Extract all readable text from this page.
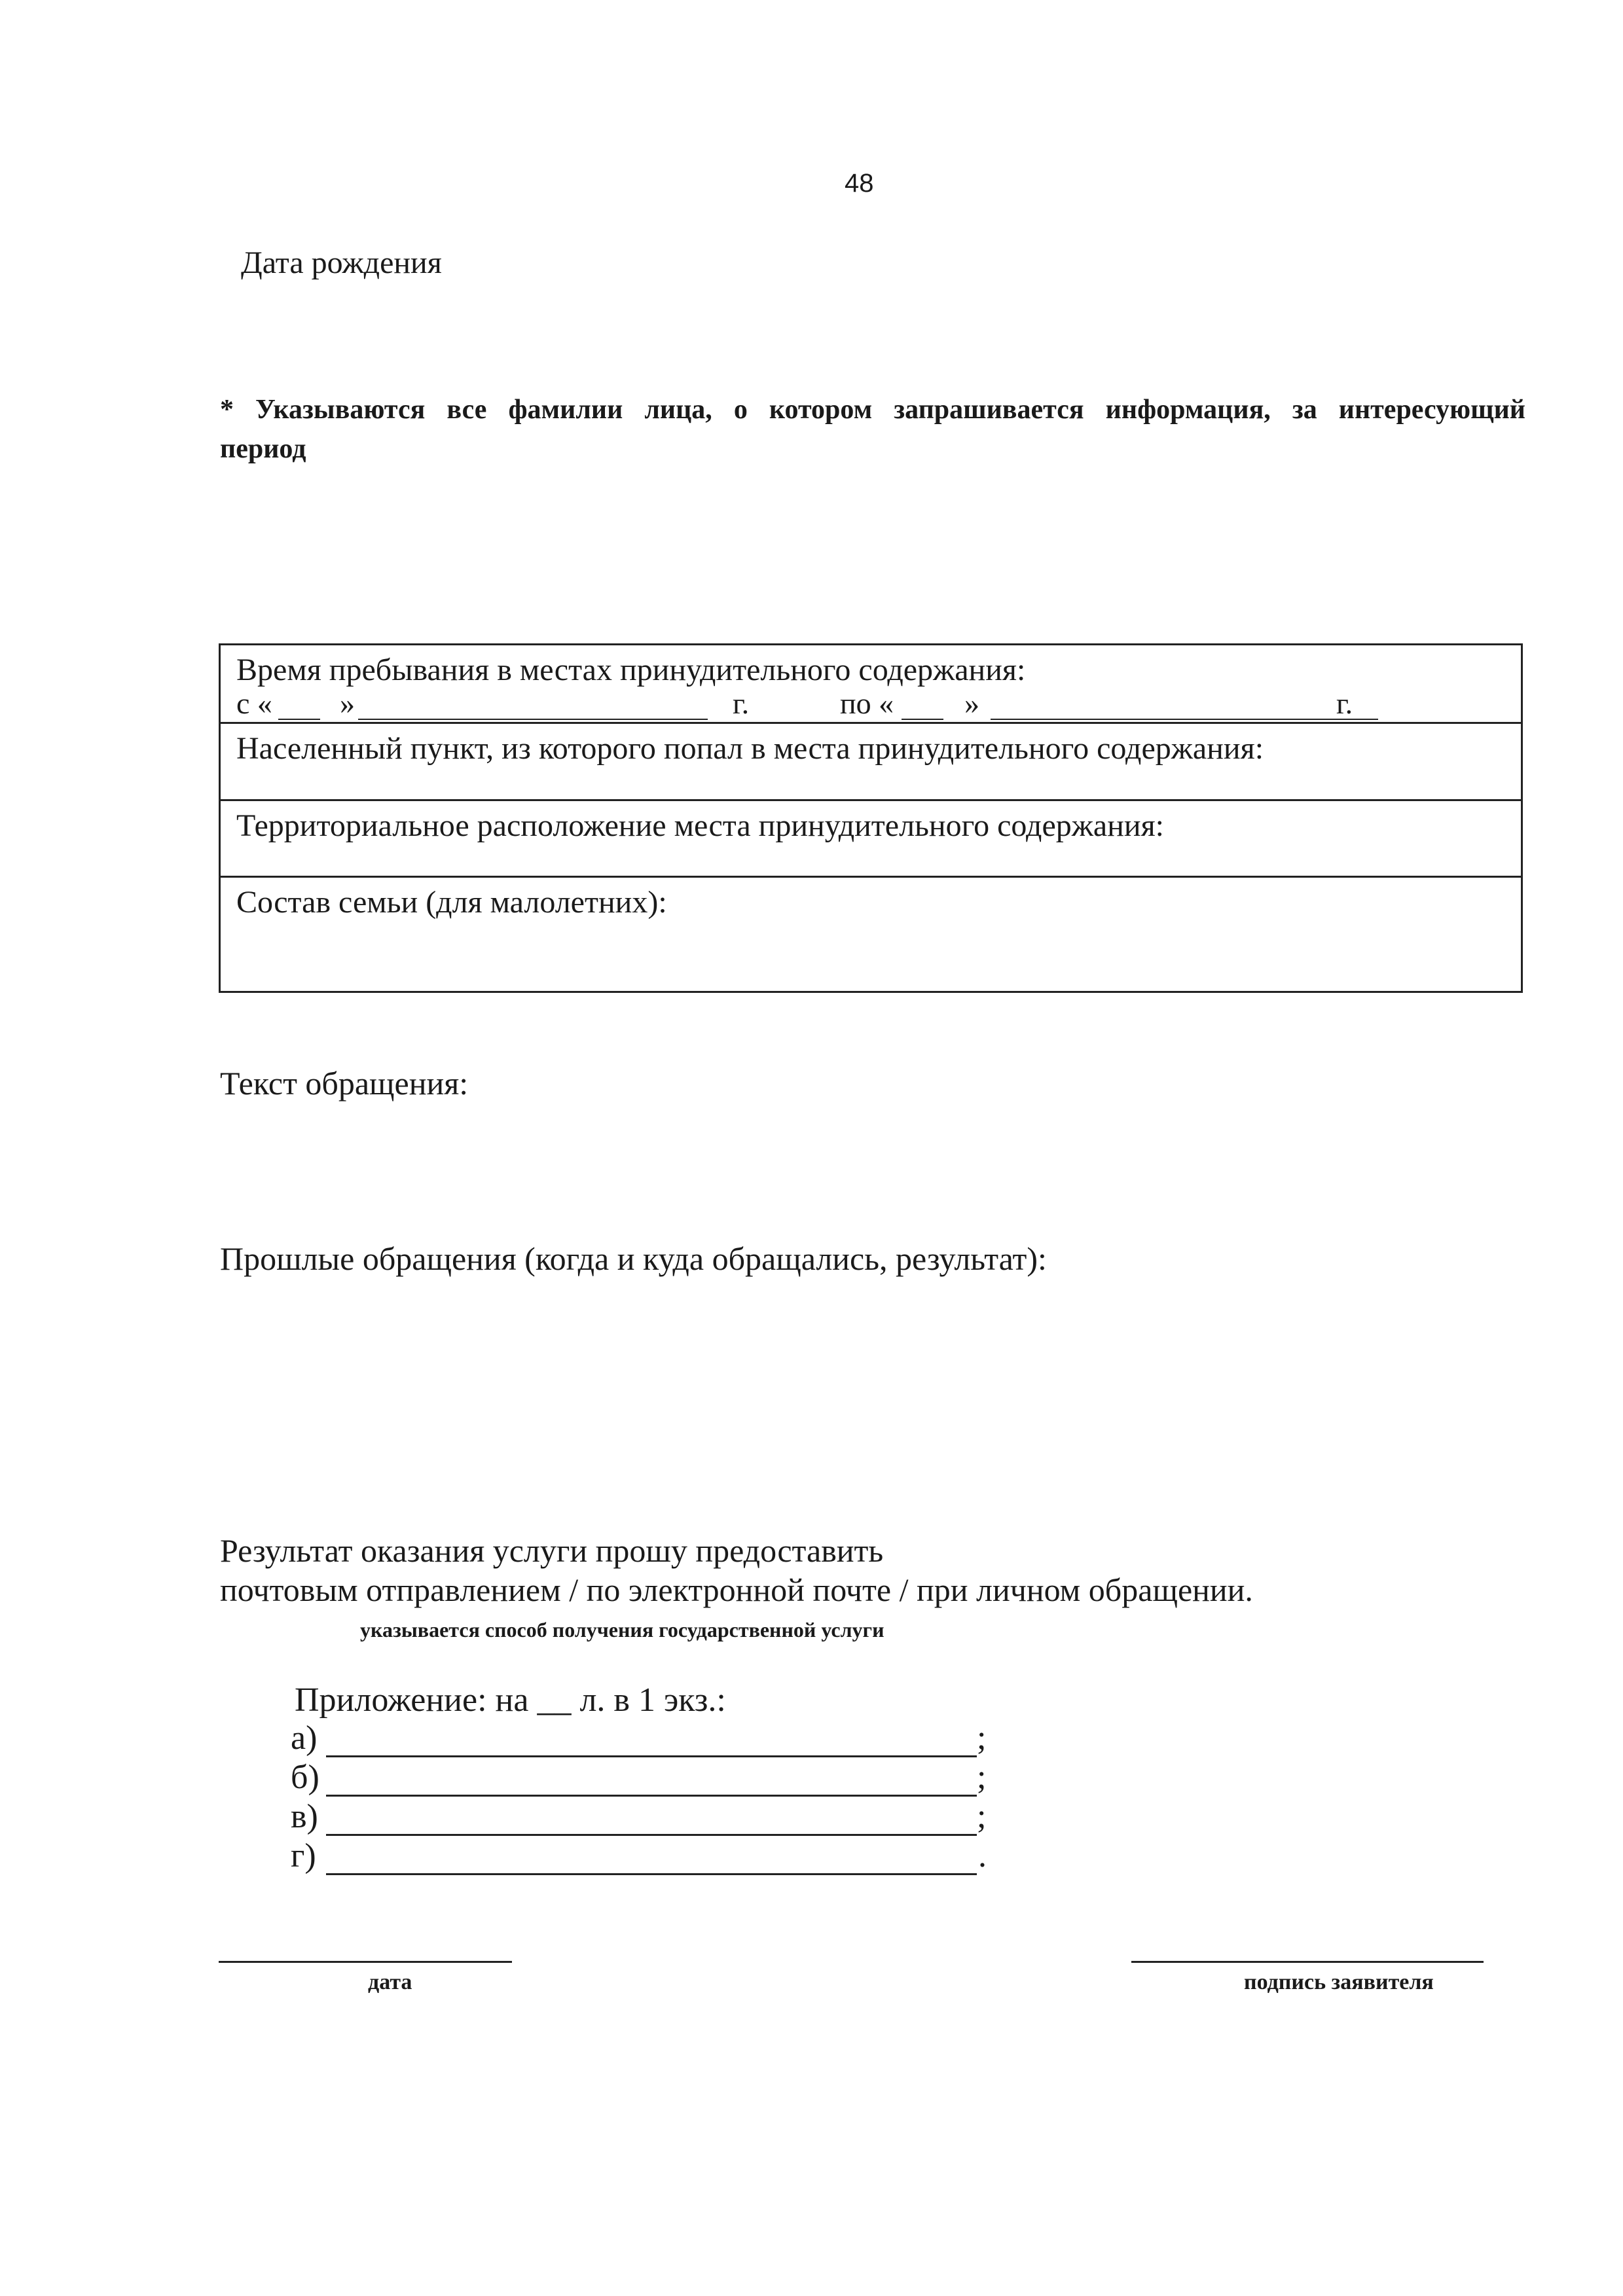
48
Дата рождения
* Указываются все фамилии лица, о котором запрашивается информация, за интересующий
период
Время пребывания в местах принудительного содержания:
с « »	г.	по « »	г.
Населенный пункт, из которого попал в места принудительного содержания:
Территориальное расположение места принудительного содержания:
Состав семьи (для малолетних):
Текст обращения:
Прошлые обращения (когда и куда обращались, результат):
Результат оказания услуги прошу предоставить
почтовым отправлением / по электронной почте / при личном обращении.
указывается способ получения государственной услуги
Приложение: на __ л. в 1 экз.:
а)	;
б)	;
в)	;
г)	.
дата	подпись заявителя
